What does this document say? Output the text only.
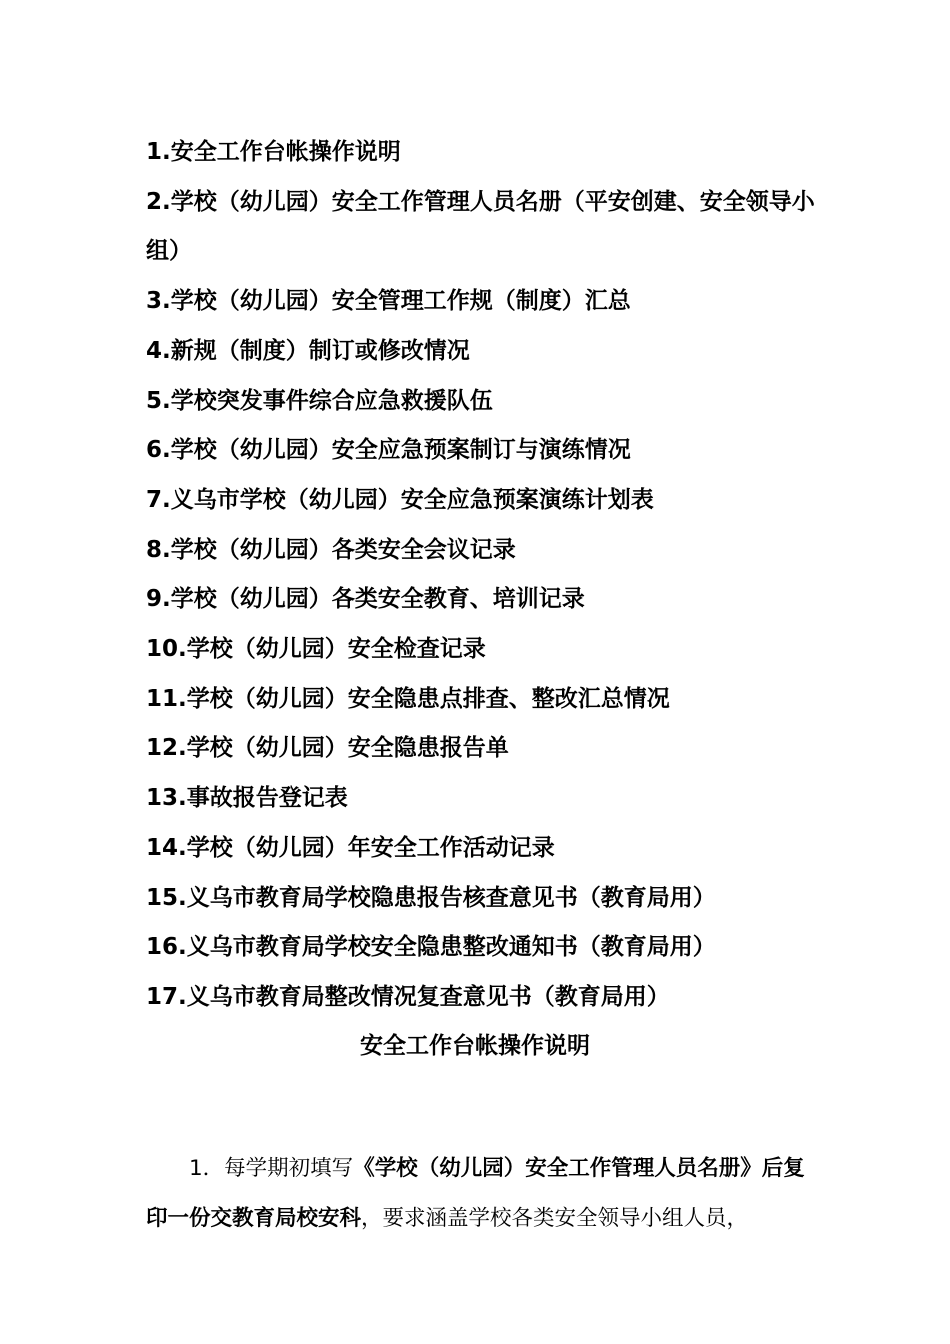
1.安全工作台帐操作说明
2.学校（幼儿园）安全工作管理人员名册（平安创建、安全领导小组）
3.学校（幼儿园）安全管理工作规（制度）汇总
4.新规（制度）制订或修改情况
5.学校突发事件综合应急救援队伍
6.学校（幼儿园）安全应急预案制订与演练情况
7.义乌市学校（幼儿园）安全应急预案演练计划表
8.学校（幼儿园）各类安全会议记录
9.学校（幼儿园）各类安全教育、培训记录
10.学校（幼儿园）安全检查记录
11.学校（幼儿园）安全隐患点排查、整改汇总情况
12.学校（幼儿园）安全隐患报告单
13.事故报告登记表
14.学校（幼儿园）年安全工作活动记录
15.义乌市教育局学校隐患报告核查意见书（教育局用）
16.义乌市教育局学校安全隐患整改通知书（教育局用）
17.义乌市教育局整改情况复查意见书（教育局用）
安全工作台帐操作说明

1．每学期初填写《学校（幼儿园）安全工作管理人员名册》后复印一份交教育局校安科，要求涵盖学校各类安全领导小组人员，
